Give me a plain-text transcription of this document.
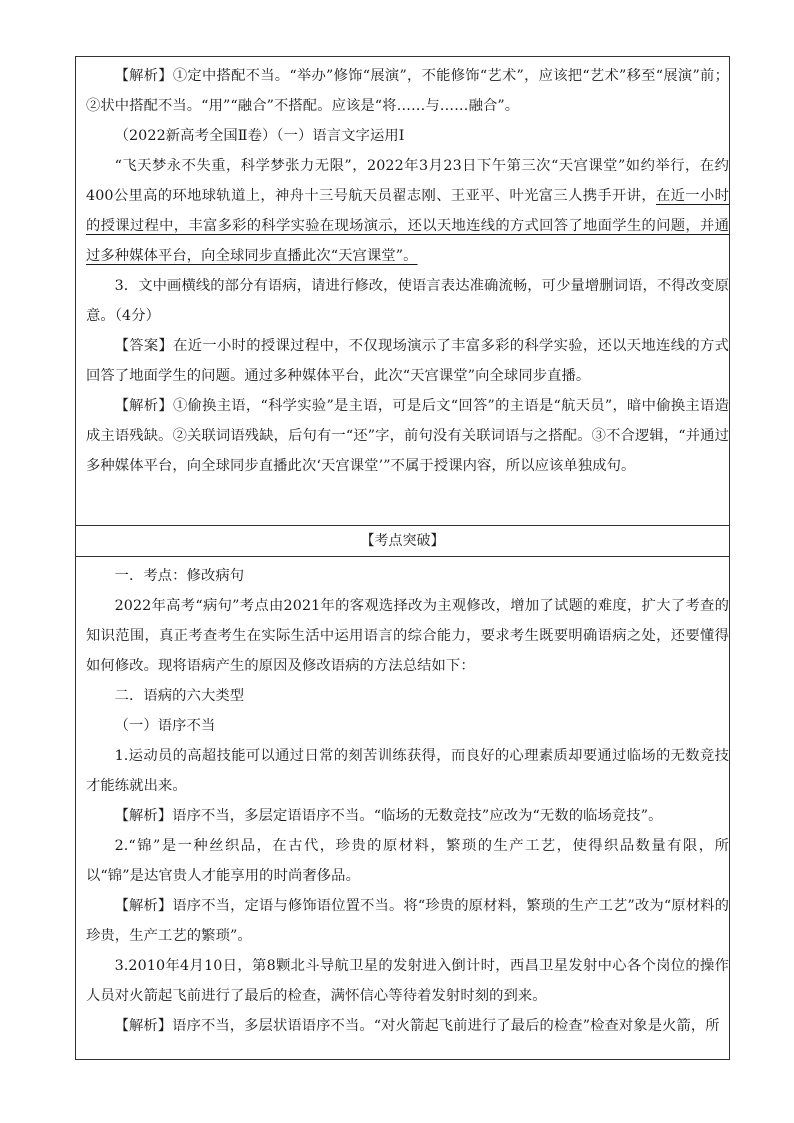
【解析】①定中搭配不当。“举办”修饰“展演”，不能修饰“艺术”，应该把“艺术”移至“展演”前；②状中搭配不当。“用”“融合”不搭配。应该是“将……与……融合”。

（2022新高考全国Ⅱ卷）（一）语言文字运用Ⅰ

“飞天梦永不失重，科学梦张力无限”，2022年3月23日下午第三次“天宫课堂”如约举行，在约400公里高的环地球轨道上，神舟十三号航天员翟志刚、王亚平、叶光富三人携手开讲，在近一小时的授课过程中，丰富多彩的科学实验在现场演示，还以天地连线的方式回答了地面学生的问题，并通过多种媒体平台，向全球同步直播此次“天宫课堂”。

3．文中画横线的部分有语病，请进行修改，使语言表达准确流畅，可少量增删词语，不得改变原意。（4分）

【答案】在近一小时的授课过程中，不仅现场演示了丰富多彩的科学实验，还以天地连线的方式回答了地面学生的问题。通过多种媒体平台，此次“天宫课堂”向全球同步直播。

【解析】①偷换主语，“科学实验”是主语，可是后文“回答”的主语是“航天员”，暗中偷换主语造成主语残缺。②关联词语残缺，后句有一“还”字，前句没有关联词语与之搭配。③不合逻辑，“并通过多种媒体平台，向全球同步直播此次‘天宫课堂’”不属于授课内容，所以应该单独成句。

【考点突破】

一．考点：修改病句

2022年高考“病句”考点由2021年的客观选择改为主观修改，增加了试题的难度，扩大了考查的知识范围，真正考查考生在实际生活中运用语言的综合能力，要求考生既要明确语病之处，还要懂得如何修改。现将语病产生的原因及修改语病的方法总结如下：

二．语病的六大类型

（一）语序不当

1.运动员的高超技能可以通过日常的刻苦训练获得，而良好的心理素质却要通过临场的无数竞技才能练就出来。

【解析】语序不当，多层定语语序不当。“临场的无数竞技”应改为“无数的临场竞技”。

2.“锦”是一种丝织品，在古代，珍贵的原材料，繁琐的生产工艺，使得织品数量有限，所以“锦”是达官贵人才能享用的时尚奢侈品。

【解析】语序不当，定语与修饰语位置不当。将“珍贵的原材料，繁琐的生产工艺”改为“原材料的珍贵，生产工艺的繁琐”。

3.2010年4月10日，第8颗北斗导航卫星的发射进入倒计时，西昌卫星发射中心各个岗位的操作人员对火箭起飞前进行了最后的检查，满怀信心等待着发射时刻的到来。

【解析】语序不当，多层状语语序不当。“对火箭起飞前进行了最后的检查”检查对象是火箭，所
